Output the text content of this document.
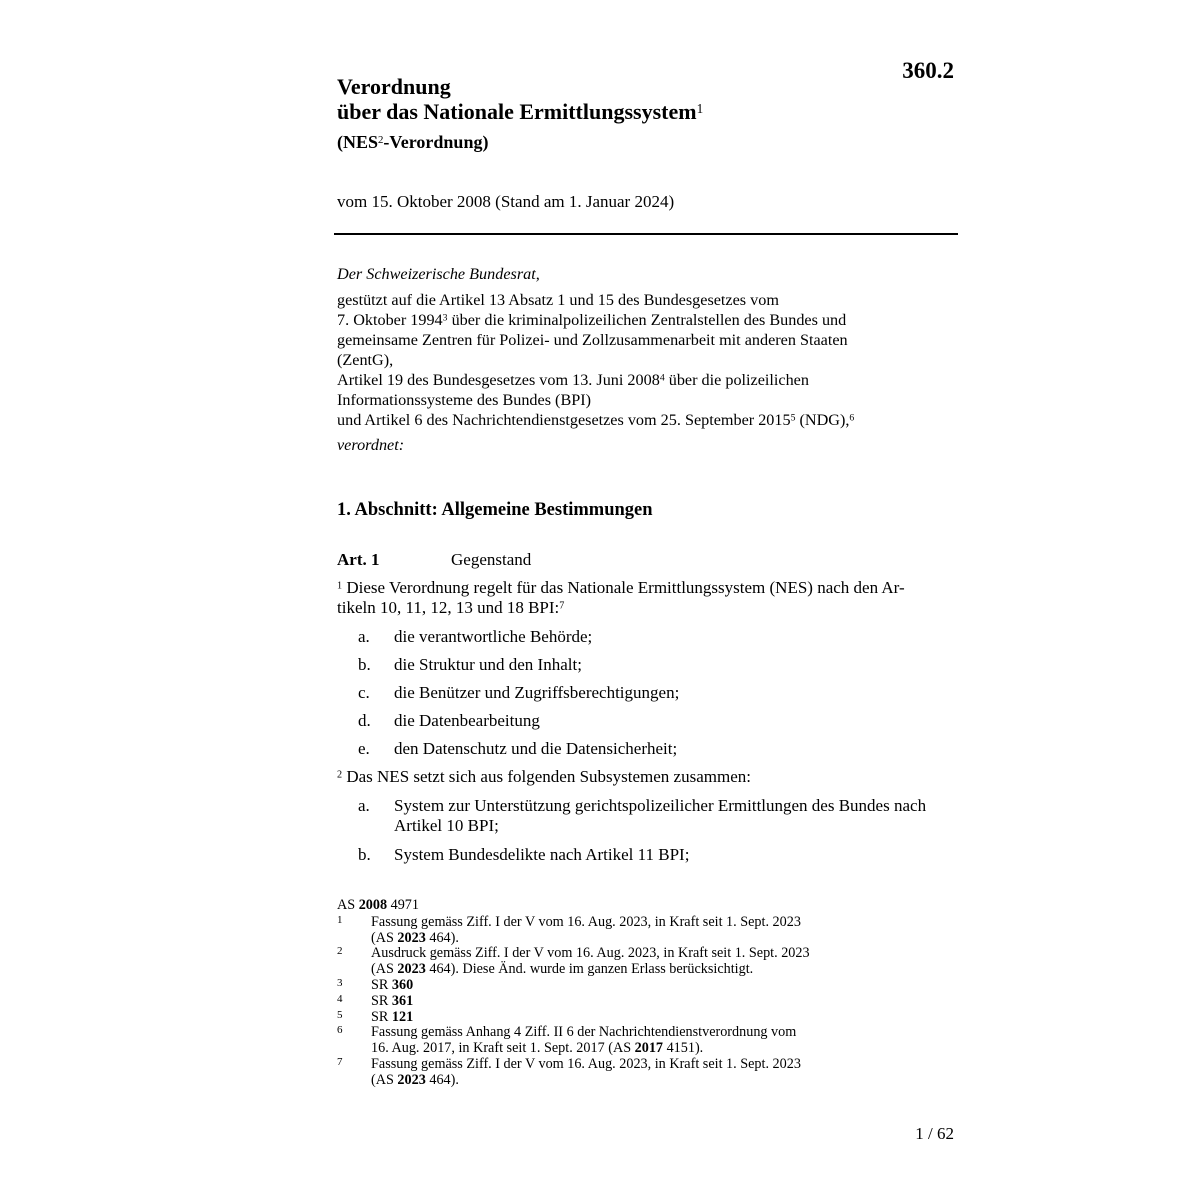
360.2
Verordnung
über das Nationale Ermittlungssystem$^1$
(NES$^2$-Verordnung)
vom 15. Oktober 2008 (Stand am 1. Januar 2024)
Der Schweizerische Bundesrat,
gestützt auf die Artikel 13 Absatz 1 und 15 des Bundesgesetzes vom
7. Oktober 1994$^3$ über die kriminalpolizeilichen Zentralstellen des Bundes und
gemeinsame Zentren für Polizei- und Zollzusammenarbeit mit anderen Staaten
(ZentG),
Artikel 19 des Bundesgesetzes vom 13. Juni 2008$^4$ über die polizeilichen
Informationssysteme des Bundes (BPI)
und Artikel 6 des Nachrichtendienstgesetzes vom 25. September 2015$^5$ (NDG),$^6$
verordnet:
1. Abschnitt: Allgemeine Bestimmungen
Art. 1	Gegenstand
$^1$ Diese Verordnung regelt für das Nationale Ermittlungssystem (NES) nach den Ar-
tikeln 10, 11, 12, 13 und 18 BPI:$^7$
a. die verantwortliche Behörde;
b. die Struktur und den Inhalt;
c. die Benützer und Zugriffsberechtigungen;
d. die Datenbearbeitung
e. den Datenschutz und die Datensicherheit;
$^2$ Das NES setzt sich aus folgenden Subsystemen zusammen:
a. System zur Unterstützung gerichtspolizeilicher Ermittlungen des Bundes nach
Artikel 10 BPI;
b. System Bundesdelikte nach Artikel 11 BPI;
AS 2008 4971
1 Fassung gemäss Ziff. I der V vom 16. Aug. 2023, in Kraft seit 1. Sept. 2023
(AS 2023 464).
2 Ausdruck gemäss Ziff. I der V vom 16. Aug. 2023, in Kraft seit 1. Sept. 2023
(AS 2023 464). Diese Änd. wurde im ganzen Erlass berücksichtigt.
3 SR 360
4 SR 361
5 SR 121
6 Fassung gemäss Anhang 4 Ziff. II 6 der Nachrichtendienstverordnung vom
16. Aug. 2017, in Kraft seit 1. Sept. 2017 (AS 2017 4151).
7 Fassung gemäss Ziff. I der V vom 16. Aug. 2023, in Kraft seit 1. Sept. 2023
(AS 2023 464).
1 / 62
